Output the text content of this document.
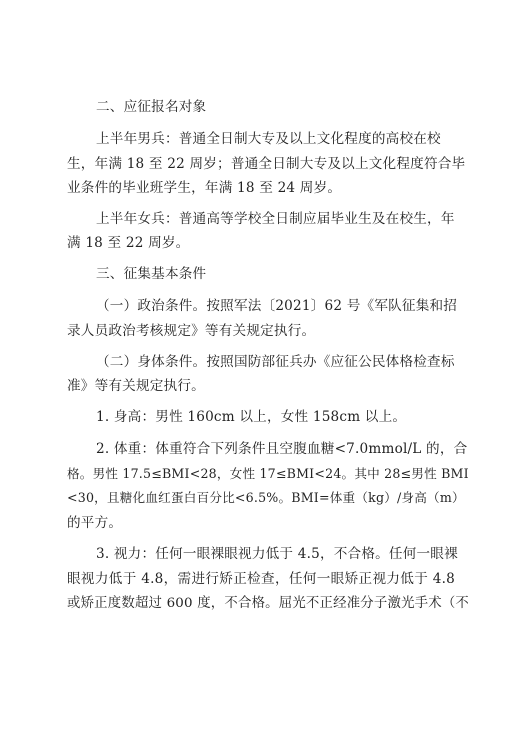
二、应征报名对象
上半年男兵：普通全日制大专及以上文化程度的高校在校
生，年满 18 至 22 周岁；普通全日制大专及以上文化程度符合毕
业条件的毕业班学生，年满 18 至 24 周岁。
上半年女兵：普通高等学校全日制应届毕业生及在校生，年
满 18 至 22 周岁。
三、征集基本条件
（一）政治条件。按照军法〔2021〕62 号《军队征集和招
录人员政治考核规定》等有关规定执行。
（二）身体条件。按照国防部征兵办《应征公民体格检查标
准》等有关规定执行。
1. 身高：男性 160cm 以上，女性 158cm 以上。
2. 体重：体重符合下列条件且空腹血糖<7.0mmol/L 的，合
格。男性 17.5≤BMI<28，女性 17≤BMI<24。其中 28≤男性 BMI
<30，且糖化血红蛋白百分比<6.5%。BMI=体重（kg）/身高（m）
的平方。
3. 视力：任何一眼裸眼视力低于 4.5，不合格。任何一眼裸
眼视力低于 4.8，需进行矫正检查，任何一眼矫正视力低于 4.8
或矫正度数超过 600 度，不合格。屈光不正经准分子激光手术（不
